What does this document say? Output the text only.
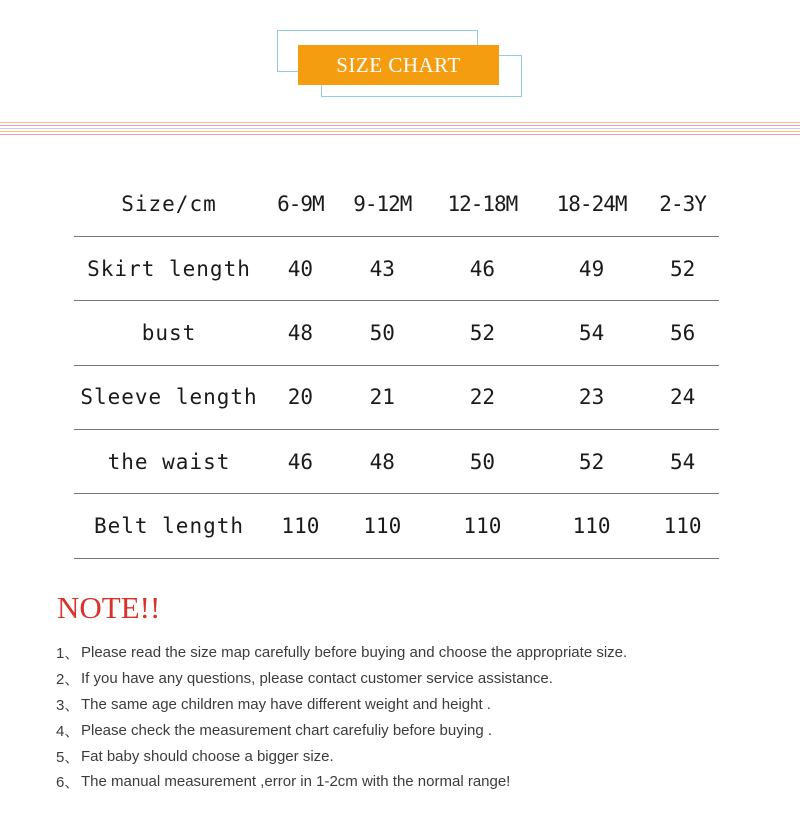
SIZE CHART
Size/cm	6-9M	9-12M	12-18M	18-24M	2-3Y
Skirt length	40	43	46	49	52
bust	48	50	52	54	56
Sleeve length	20	21	22	23	24
the waist	46	48	50	52	54
Belt length	110	110	110	110	110
NOTE!!
1、 Please read the size map carefully before buying and choose the appropriate size.
2、 If you have any questions, please contact customer service assistance.
3、 The same age children may have different weight and height .
4、 Please check the measurement chart carefuliy before buying .
5、 Fat baby should choose a bigger size.
6、 The manual measurement ,error in 1-2cm with the normal range!
